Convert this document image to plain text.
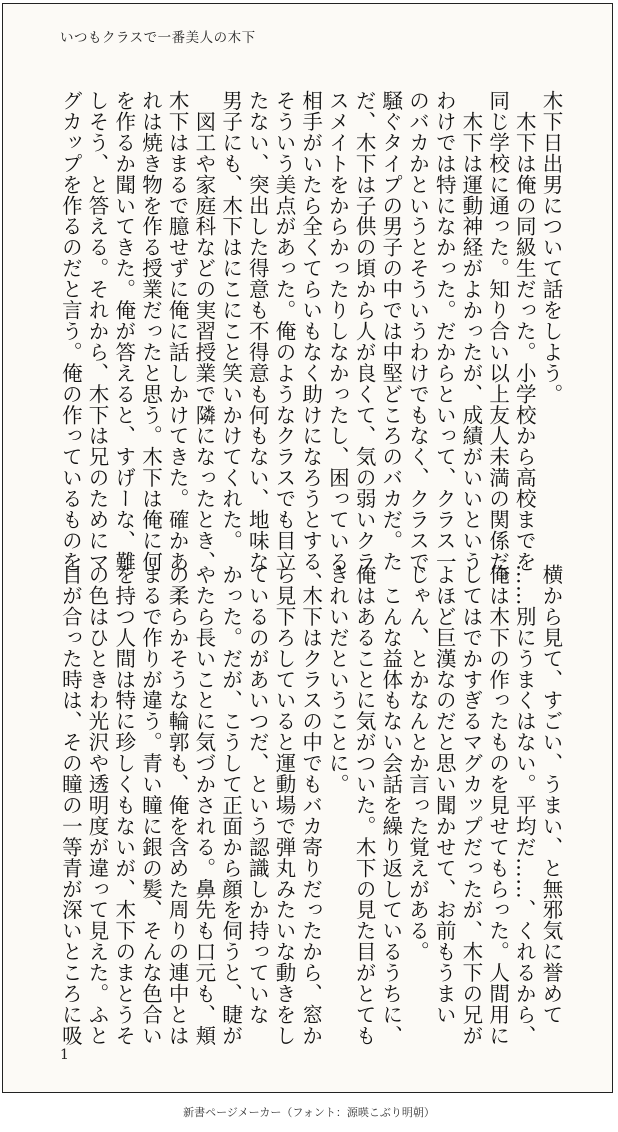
いつもクラスで一番美人の木下
木下日出男について話をしよう。
　木下は俺の同級生だった。小学校から高校までを
同じ学校に通った。知り合い以上友人未満の関係だ。
　木下は運動神経がよかったが、成績がいいという
わけでは特になかった。だからといって、クラス一
のバカかというとそういうわけでもなく、クラスで
騒ぐタイプの男子の中では中堅どころのバカだ。た
だ、木下は子供の頃から人が良くて、気の弱いクラ
スメイトをからかったりしなかったし、困っている
相手がいたら全くてらいもなく助けになろうとする、
そういう美点があった。俺のようなクラスでも目立
たない、突出した得意も不得意も何もない、地味な
男子にも、木下はにこにこと笑いかけてくれた。
　図工や家庭科などの実習授業で隣になったとき、
木下はまるで臆せずに俺に話しかけてきた。確かあ
れは焼き物を作る授業だったと思う。木下は俺に何
を作るか聞いてきた。俺が答えると、すげーな、難
しそう、と答える。それから、木下は兄のためにマ
グカップを作るのだと言う。俺の作っているものを
横から見て、すごい、うまい、と無邪気に誉めて
……別にうまくはない。平均だ……、くれるから、
俺は木下の作ったものを見せてもらった。人間用に
してはでかすぎるマグカップだったが、木下の兄が
よほど巨漢なのだと思い聞かせて、お前もうまい
じゃん、とかなんとか言った覚えがある。
　こんな益体もない会話を繰り返しているうちに、
俺はあることに気がついた。木下の見た目がとても
きれいだということに。
　木下はクラスの中でもバカ寄りだったから、窓か
ら見下ろしていると運動場で弾丸みたいな動きをし
ているのがあいつだ、という認識しか持っていな
かった。だが、こうして正面から顔を伺うと、睫が
やたら長いことに気づかされる。鼻先も口元も、頬
の柔らかそうな輪郭も、俺を含めた周りの連中とは
まるで作りが違う。青い瞳に銀の髪、そんな色合い
を持つ人間は特に珍しくもないが、木下のまとうそ
の色はひときわ光沢や透明度が違って見えた。ふと
目が合った時は、その瞳の一等青が深いところに吸
1
新書ページメーカー（フォント：源暎こぶり明朝）
